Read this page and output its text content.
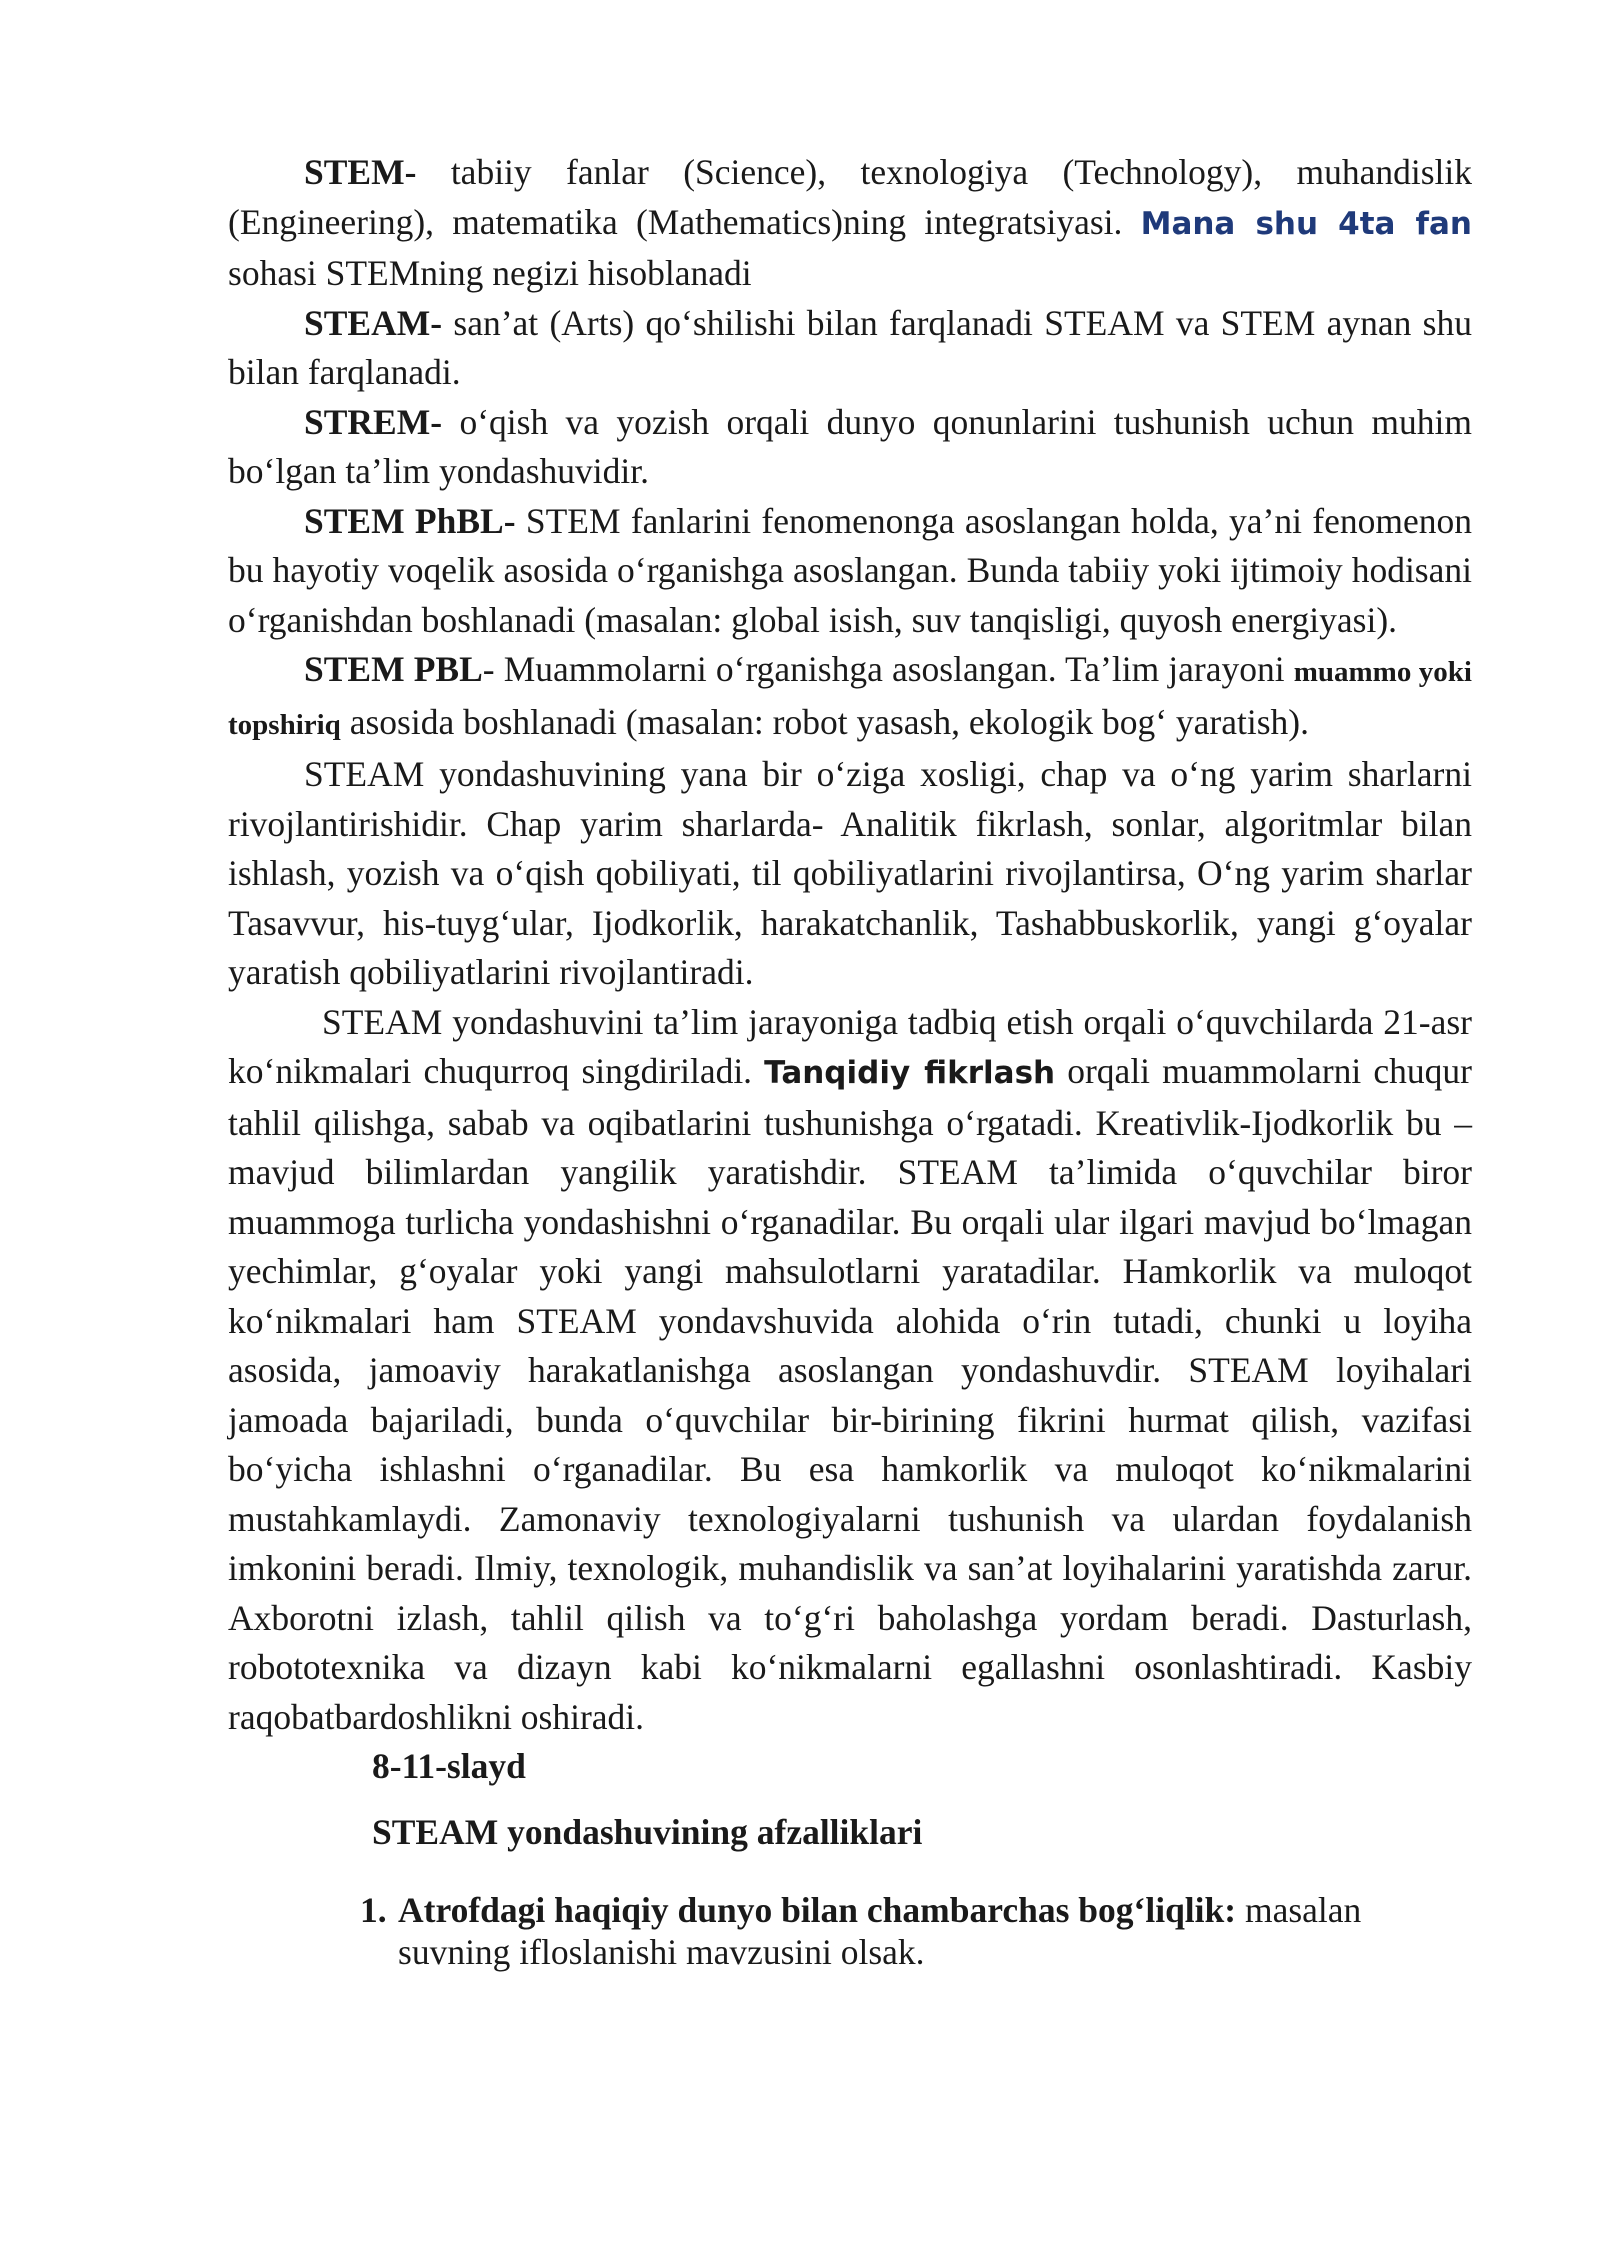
STEM- tabiiy fanlar (Science), texnologiya (Technology), muhandislik (Engineering), matematika (Mathematics)ning integratsiyasi. Mana shu 4ta fan sohasi STEMning negizi hisoblanadi

STEAM- san’at (Arts) qo‘shilishi bilan farqlanadi STEAM va STEM aynan shu bilan farqlanadi.

STREM- o‘qish va yozish orqali dunyo qonunlarini tushunish uchun muhim bo‘lgan ta’lim yondashuvidir.

STEM PhBL- STEM fanlarini fenomenonga asoslangan holda, ya’ni fenomenon bu hayotiy voqelik asosida o‘rganishga asoslangan. Bunda tabiiy yoki ijtimoiy hodisani o‘rganishdan boshlanadi (masalan: global isish, suv tanqisligi, quyosh energiyasi).

STEM PBL- Muammolarni o‘rganishga asoslangan. Ta’lim jarayoni muammo yoki topshiriq asosida boshlanadi (masalan: robot yasash, ekologik bog‘ yaratish).

STEAM yondashuvining yana bir o‘ziga xosligi, chap va o‘ng yarim sharlarni rivojlantirishidir. Chap yarim sharlarda- Analitik fikrlash, sonlar, algoritmlar bilan ishlash, yozish va o‘qish qobiliyati, til qobiliyatlarini rivojlantirsa, O‘ng yarim sharlar Tasavvur, his-tuyg‘ular, Ijodkorlik, harakatchanlik, Tashabbuskorlik, yangi g‘oyalar yaratish qobiliyatlarini rivojlantiradi.

STEAM yondashuvini ta’lim jarayoniga tadbiq etish orqali o‘quvchilarda 21-asr ko‘nikmalari chuqurroq singdiriladi. Tanqidiy fikrlash orqali muammolarni chuqur tahlil qilishga, sabab va oqibatlarini tushunishga o‘rgatadi. Kreativlik-Ijodkorlik bu – mavjud bilimlardan yangilik yaratishdir. STEAM ta’limida o‘quvchilar biror muammoga turlicha yondashishni o‘rganadilar. Bu orqali ular ilgari mavjud bo‘lmagan yechimlar, g‘oyalar yoki yangi mahsulotlarni yaratadilar. Hamkorlik va muloqot ko‘nikmalari ham STEAM yondavshuvida alohida o‘rin tutadi, chunki u loyiha asosida, jamoaviy harakatlanishga asoslangan yondashuvdir. STEAM loyihalari jamoada bajariladi, bunda o‘quvchilar bir-birining fikrini hurmat qilish, vazifasi bo‘yicha ishlashni o‘rganadilar. Bu esa hamkorlik va muloqot ko‘nikmalarini mustahkamlaydi. Zamonaviy texnologiyalarni tushunish va ulardan foydalanish imkonini beradi. Ilmiy, texnologik, muhandislik va san’at loyihalarini yaratishda zarur. Axborotni izlash, tahlil qilish va to‘g‘ri baholashga yordam beradi. Dasturlash, robototexnika va dizayn kabi ko‘nikmalarni egallashni osonlashtiradi. Kasbiy raqobatbardoshlikni oshiradi.

8-11-slayd

STEAM yondashuvining afzalliklari

1. Atrofdagi haqiqiy dunyo bilan chambarchas bog‘liqlik: masalan suvning ifloslanishi mavzusini olsak.
